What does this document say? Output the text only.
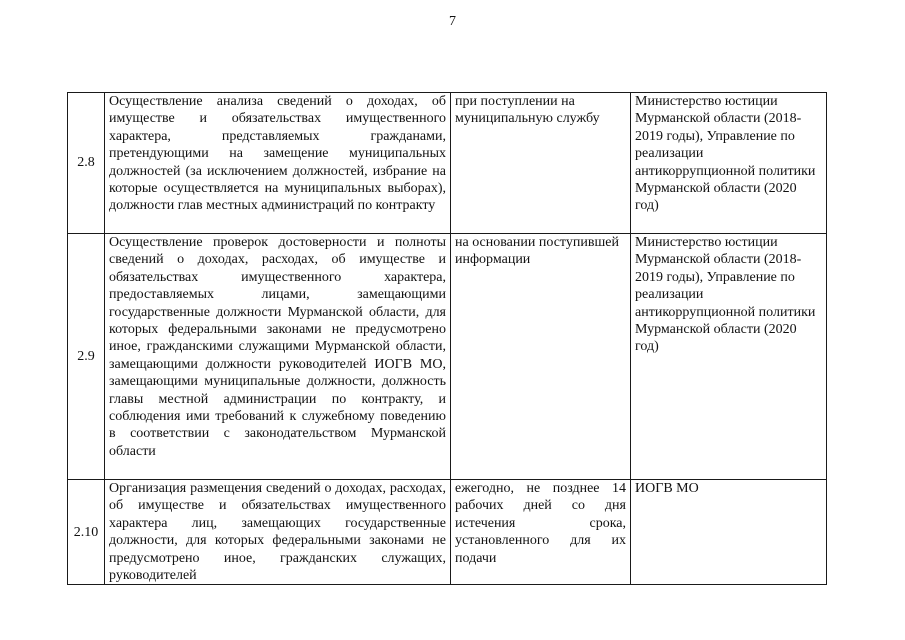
7
2.8	Осуществление анализа сведений о доходах, об имуществе и обязательствах имущественного характера, представляемых гражданами, претендующими на замещение муниципальных должностей (за исключением должностей, избрание на которые осуществляется на муниципальных выборах), должности глав местных администраций по контракту	при поступлении на муниципальную службу	Министерство юстиции Мурманской области (2018-2019 годы), Управление по реализации антикоррупционной политики Мурманской области (2020 год)
2.9	Осуществление проверок достоверности и полноты сведений о доходах, расходах, об имуществе и обязательствах имущественного характера, предоставляемых лицами, замещающими государственные должности Мурманской области, для которых федеральными законами не предусмотрено иное, гражданскими служащими Мурманской области, замещающими должности руководителей ИОГВ МО, замещающими муниципальные должности, должность главы местной администрации по контракту, и соблюдения ими требований к служебному поведению в соответствии с законодательством Мурманской области	на основании поступившей информации	Министерство юстиции Мурманской области (2018-2019 годы), Управление по реализации антикоррупционной политики Мурманской области (2020 год)
2.10	Организация размещения сведений о доходах, расходах, об имуществе и обязательствах имущественного характера лиц, замещающих государственные должности, для которых федеральными законами не предусмотрено иное, гражданских служащих, руководителей	ежегодно, не позднее 14 рабочих дней со дня истечения срока, установленного для их подачи	ИОГВ МО
